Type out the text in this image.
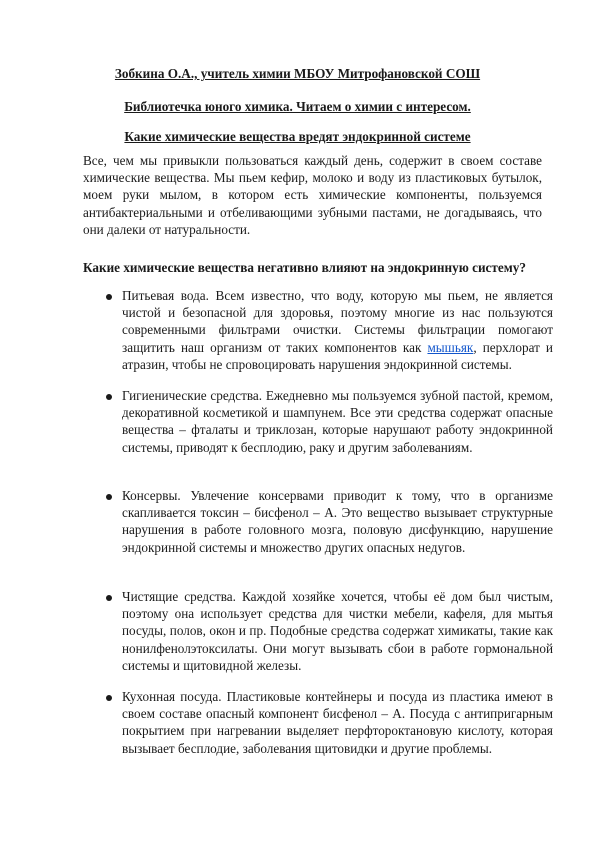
Зобкина О.А., учитель химии МБОУ Митрофановской СОШ
Библиотечка юного химика. Читаем о химии с интересом.
Какие химические вещества вредят эндокринной системе

Все, чем мы привыкли пользоваться каждый день, содержит в своем составе химические вещества. Мы пьем кефир, молоко и воду из пластиковых бутылок, моем руки мылом, в котором есть химические компоненты, пользуемся антибактериальными и отбеливающими зубными пастами, не догадываясь, что они далеки от натуральности.

Какие химические вещества негативно влияют на эндокринную систему?

Питьевая вода. Всем известно, что воду, которую мы пьем, не является чистой и безопасной для здоровья, поэтому многие из нас пользуются современными фильтрами очистки. Системы фильтрации помогают защитить наш организм от таких компонентов как мышьяк, перхлорат и атразин, чтобы не спровоцировать нарушения эндокринной системы.

Гигиенические средства. Ежедневно мы пользуемся зубной пастой, кремом, декоративной косметикой и шампунем. Все эти средства содержат опасные вещества – фталаты и триклозан, которые нарушают работу эндокринной системы, приводят к бесплодию, раку и другим заболеваниям.

Консервы. Увлечение консервами приводит к тому, что в организме скапливается токсин – бисфенол – А. Это вещество вызывает структурные нарушения в работе головного мозга, половую дисфункцию, нарушение эндокринной системы и множество других опасных недугов.

Чистящие средства. Каждой хозяйке хочется, чтобы её дом был чистым, поэтому она использует средства для чистки мебели, кафеля, для мытья посуды, полов, окон и пр. Подобные средства содержат химикаты, такие как нонилфенолэтоксилаты. Они могут вызывать сбои в работе гормональной системы и щитовидной железы.

Кухонная посуда. Пластиковые контейнеры и посуда из пластика имеют в своем составе опасный компонент бисфенол – А. Посуда с антипригарным покрытием при нагревании выделяет перфтороктановую кислоту, которая вызывает бесплодие, заболевания щитовидки и другие проблемы.
